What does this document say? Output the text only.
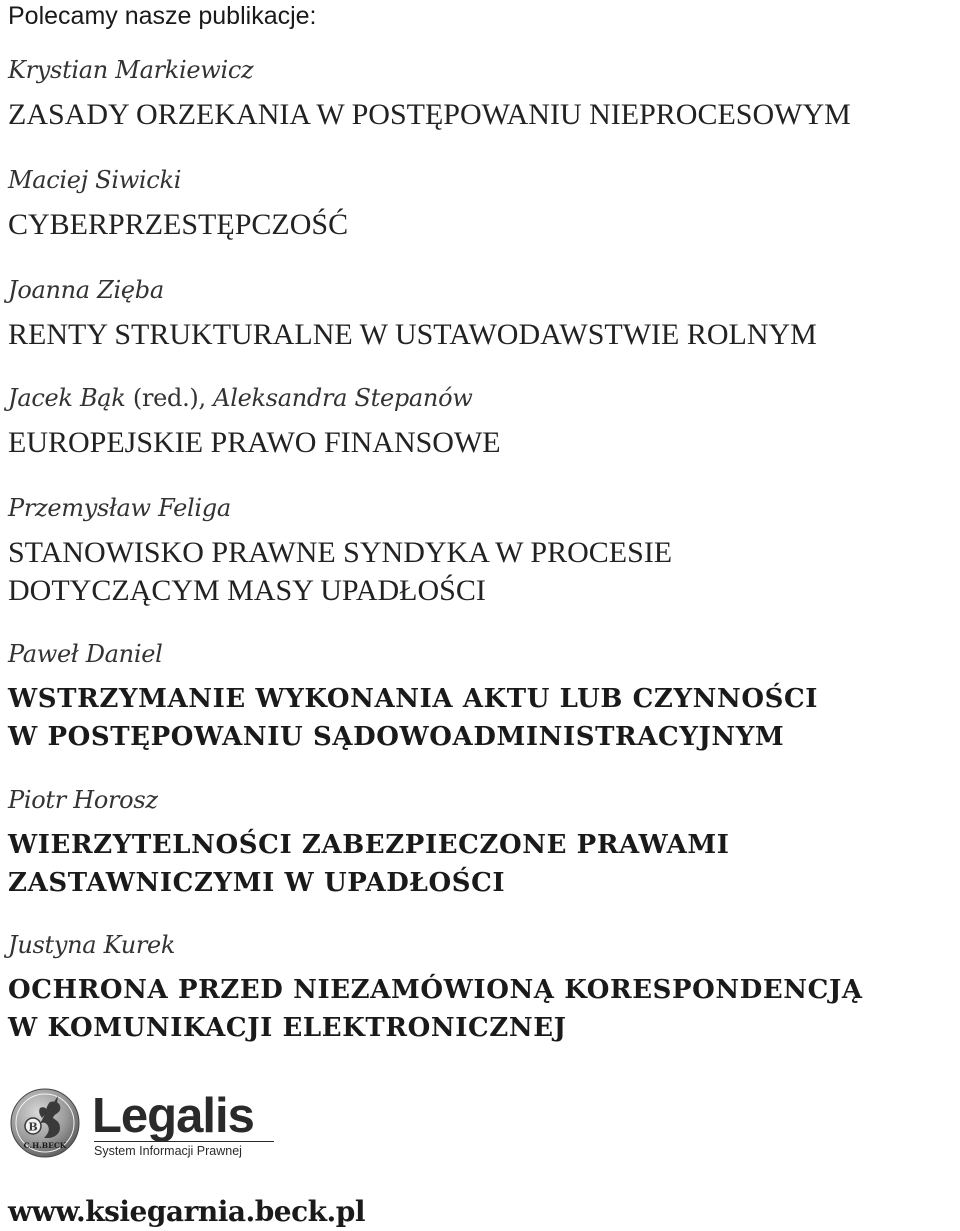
Polecamy nasze publikacje:
Krystian Markiewicz
ZASADY ORZEKANIA W POSTĘPOWANIU NIEPROCESOWYM
Maciej Siwicki
CYBERPRZESTĘPCZOŚĆ
Joanna Zięba
RENTY STRUKTURALNE W USTAWODAWSTWIE ROLNYM
Jacek Bąk (red.), Aleksandra Stepanów
EUROPEJSKIE PRAWO FINANSOWE
Przemysław Feliga
STANOWISKO PRAWNE SYNDYKA W PROCESIE
DOTYCZĄCYM MASY UPADŁOŚCI
Paweł Daniel
WSTRZYMANIE WYKONANIA AKTU LUB CZYNNOŚCI
W POSTĘPOWANIU SĄDOWOADMINISTRACYJNYM
Piotr Horosz
WIERZYTELNOŚCI ZABEZPIECZONE PRAWAMI
ZASTAWNICZYMI W UPADŁOŚCI
Justyna Kurek
OCHRONA PRZED NIEZAMÓWIONĄ KORESPONDENCJĄ
W KOMUNIKACJI ELEKTRONICZNEJ
B
C.H.BECK
Legalis
System Informacji Prawnej
www.ksiegarnia.beck.pl
